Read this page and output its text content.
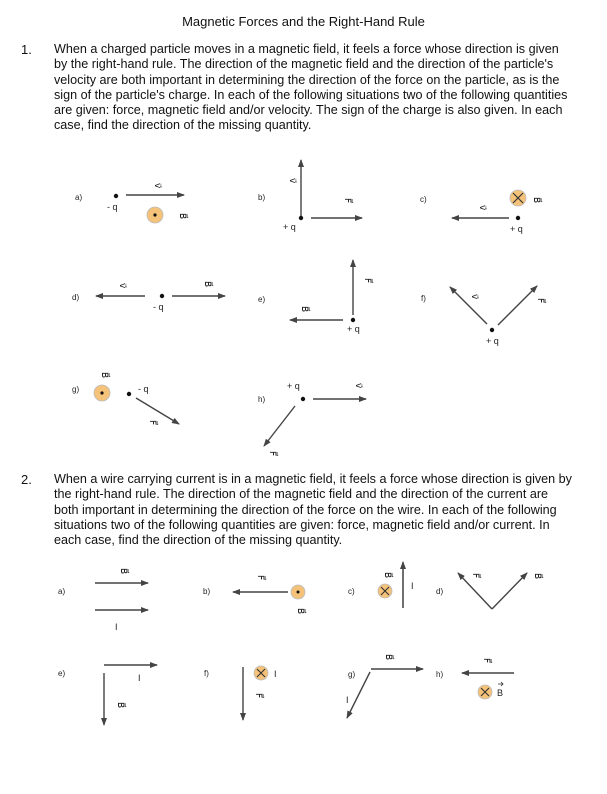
Magnetic Forces and the Right-Hand Rule
1. When a charged particle moves in a magnetic field, it feels a force whose direction is given by the right-hand rule. The direction of the magnetic field and the direction of the particle's velocity are both important in determining the direction of the force on the particle, as is the sign of the particle's charge. In each of the following situations two of the following quantities are given: force, magnetic field and/or velocity. The sign of the charge is also given. In each case, find the direction of the missing quantity.
2. When a wire carrying current is in a magnetic field, it feels a force whose direction is given by the right-hand rule. The direction of the magnetic field and the direction of the current are both important in determining the direction of the force on the wire. In each of the following situations two of the following quantities are given: force, magnetic field and/or current. In each case, find the direction of the missing quantity.
a)
- q
v⃗
B⃗
b)
v⃗
+ q
F⃗	c)	B⃗
v⃗
+ q
d)
v⃗
- q
B⃗
e)
F⃗
B⃗
+ q
f)	v⃗
F⃗
+ q
g)
B⃗
- q
F⃗
h)
+ q	v⃗
F⃗
a)
B⃗
I
b)
F⃗
B⃗
c)
B⃗
I
d)
F⃗	B⃗
e)	I
B⃗
f)
F⃗
I	g)
B⃗
I
h)
F⃗
B
